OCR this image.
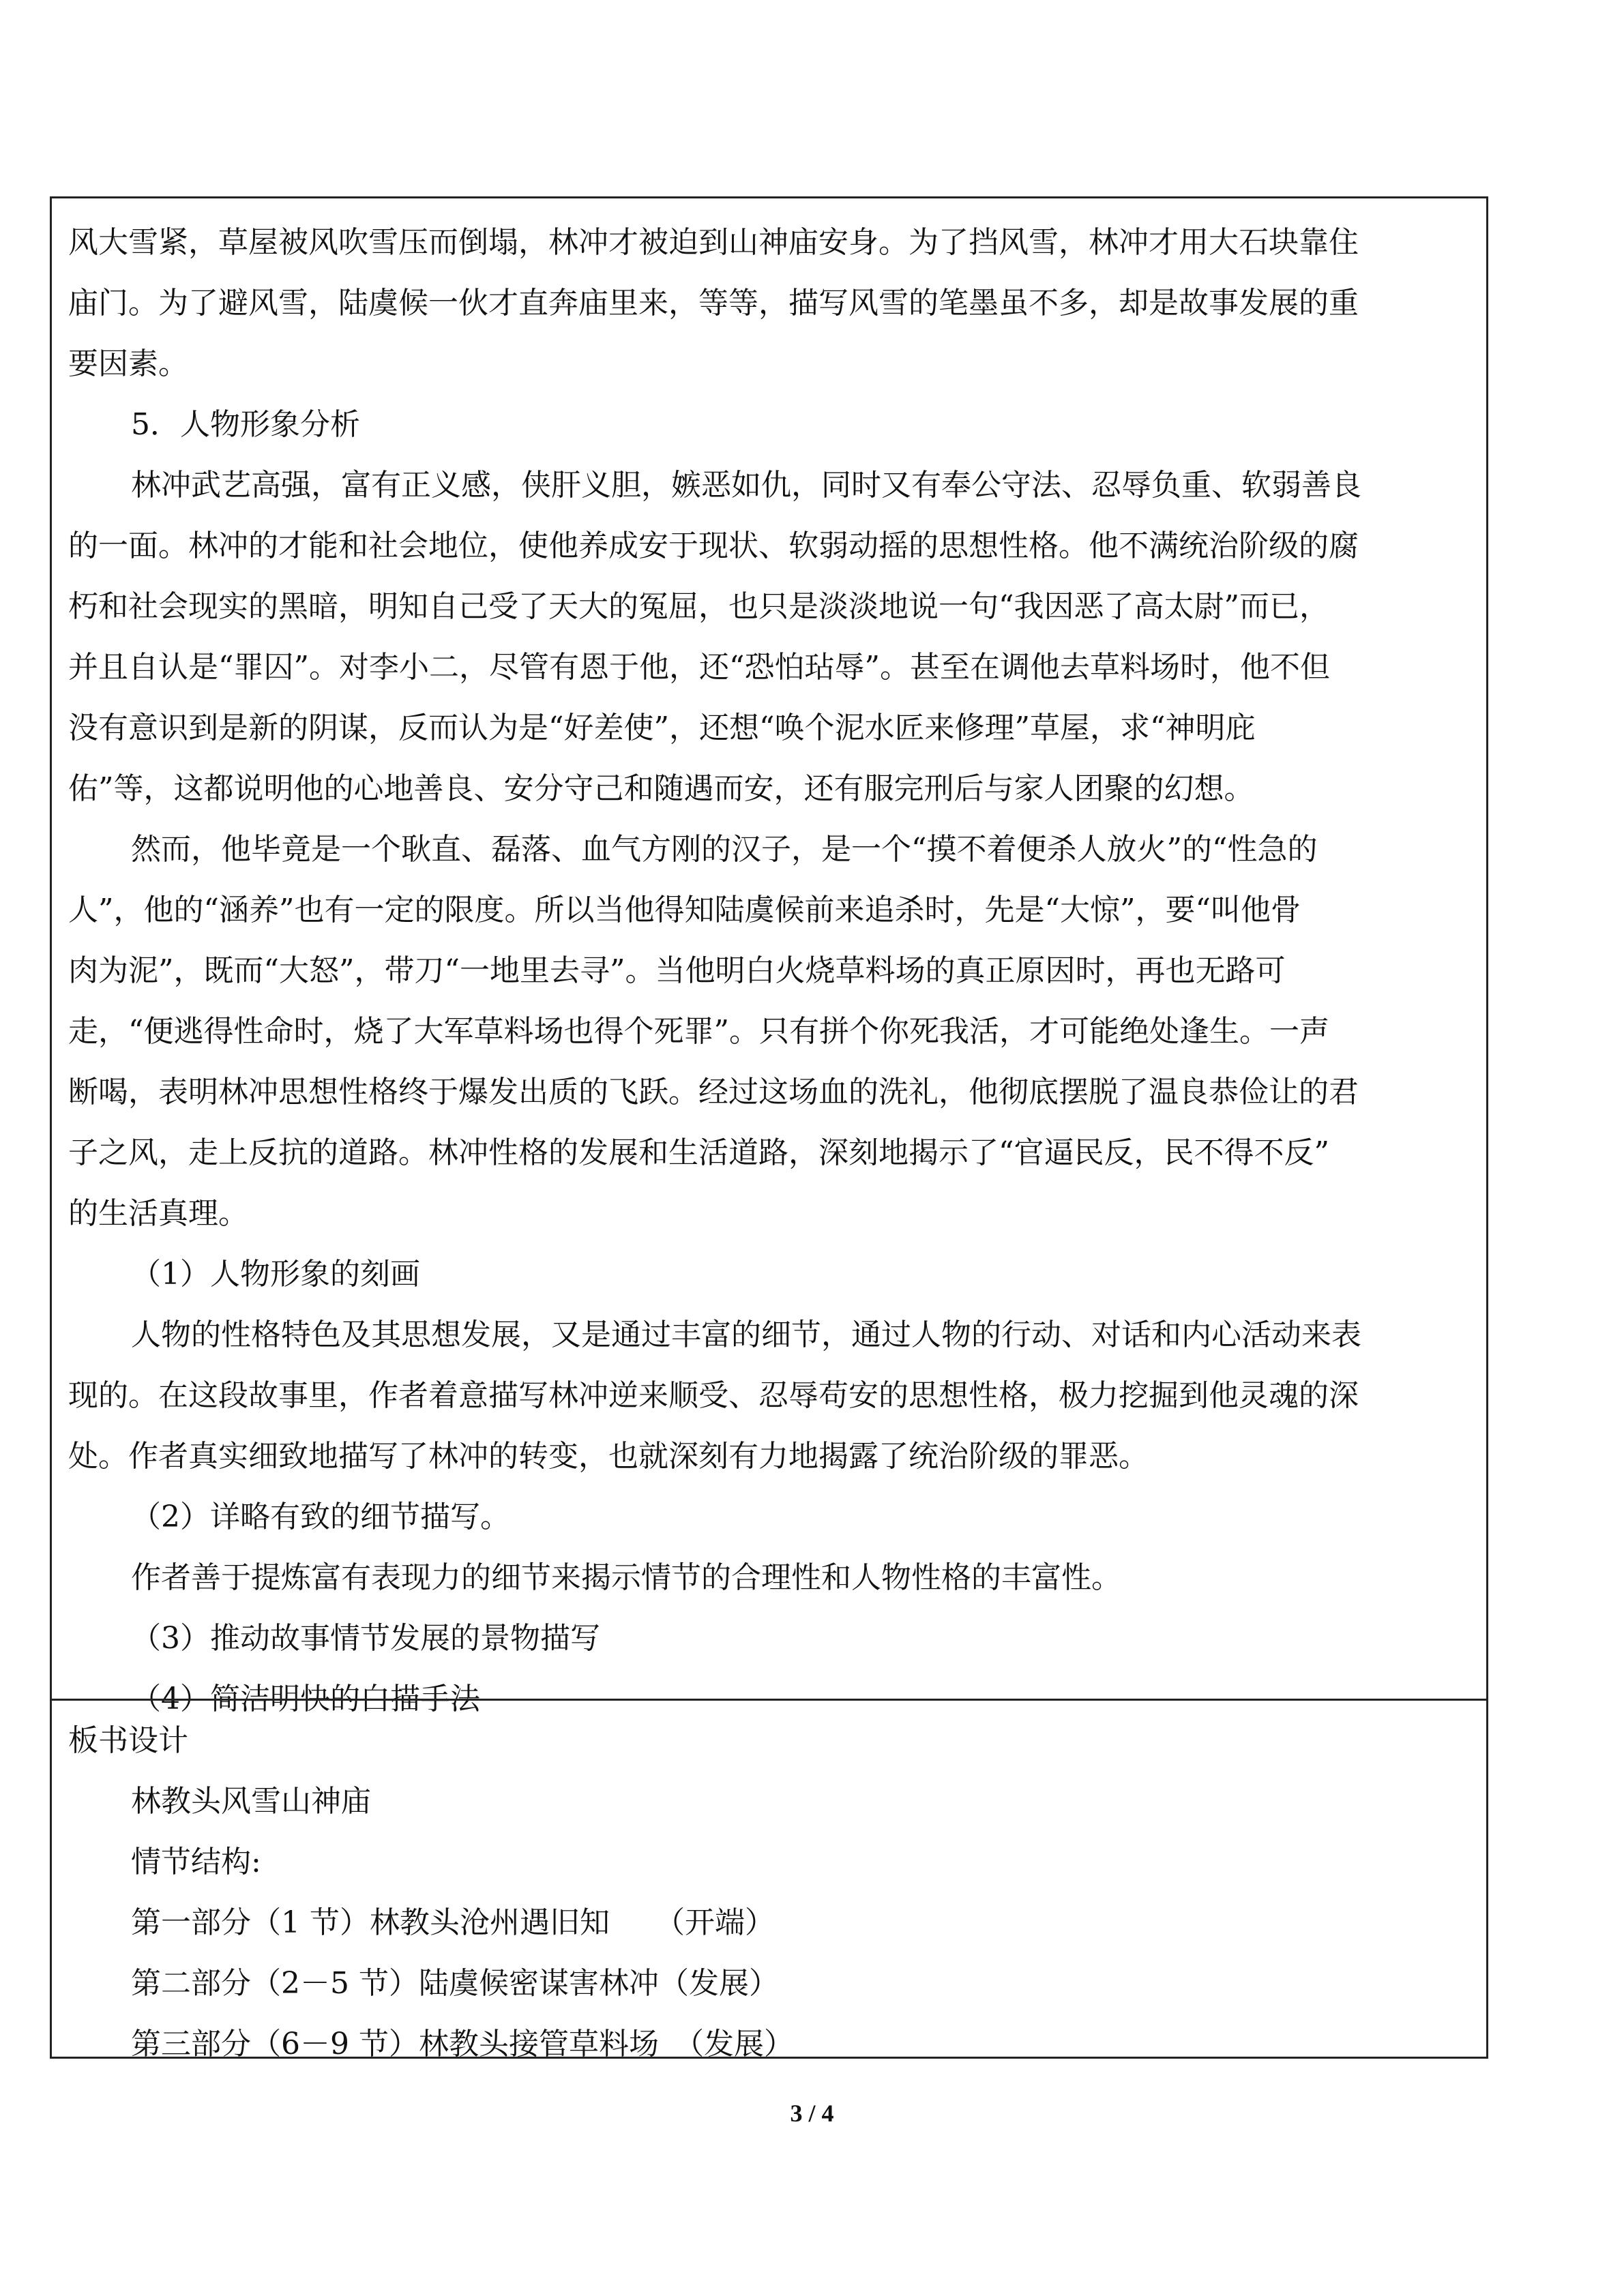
风大雪紧，草屋被风吹雪压而倒塌，林冲才被迫到山神庙安身。为了挡风雪，林冲才用大石块靠住
庙门。为了避风雪，陆虞候一伙才直奔庙里来，等等，描写风雪的笔墨虽不多，却是故事发展的重
要因素。
5．人物形象分析
林冲武艺高强，富有正义感，侠肝义胆，嫉恶如仇，同时又有奉公守法、忍辱负重、软弱善良
的一面。林冲的才能和社会地位，使他养成安于现状、软弱动摇的思想性格。他不满统治阶级的腐
朽和社会现实的黑暗，明知自己受了天大的冤屈，也只是淡淡地说一句“我因恶了高太尉”而已，
并且自认是“罪囚”。对李小二，尽管有恩于他，还“恐怕玷辱”。甚至在调他去草料场时，他不但
没有意识到是新的阴谋，反而认为是“好差使”，还想“唤个泥水匠来修理”草屋，求“神明庇
佑”等，这都说明他的心地善良、安分守己和随遇而安，还有服完刑后与家人团聚的幻想。
然而，他毕竟是一个耿直、磊落、血气方刚的汉子，是一个“摸不着便杀人放火”的“性急的
人”，他的“涵养”也有一定的限度。所以当他得知陆虞候前来追杀时，先是“大惊”，要“叫他骨
肉为泥”，既而“大怒”，带刀“一地里去寻”。当他明白火烧草料场的真正原因时，再也无路可
走，“便逃得性命时，烧了大军草料场也得个死罪”。只有拼个你死我活，才可能绝处逢生。一声
断喝，表明林冲思想性格终于爆发出质的飞跃。经过这场血的洗礼，他彻底摆脱了温良恭俭让的君
子之风，走上反抗的道路。林冲性格的发展和生活道路，深刻地揭示了“官逼民反，民不得不反”
的生活真理。
（1）人物形象的刻画
人物的性格特色及其思想发展，又是通过丰富的细节，通过人物的行动、对话和内心活动来表
现的。在这段故事里，作者着意描写林冲逆来顺受、忍辱苟安的思想性格，极力挖掘到他灵魂的深
处。作者真实细致地描写了林冲的转变，也就深刻有力地揭露了统治阶级的罪恶。
（2）详略有致的细节描写。
作者善于提炼富有表现力的细节来揭示情节的合理性和人物性格的丰富性。
（3）推动故事情节发展的景物描写
（4）简洁明快的白描手法
板书设计
林教头风雪山神庙
情节结构:
第一部分（1 节）林教头沧州遇旧知　　（开端）
第二部分（2－5 节）陆虞候密谋害林冲（发展）
第三部分（6－9 节）林教头接管草料场　（发展）
3 / 4
